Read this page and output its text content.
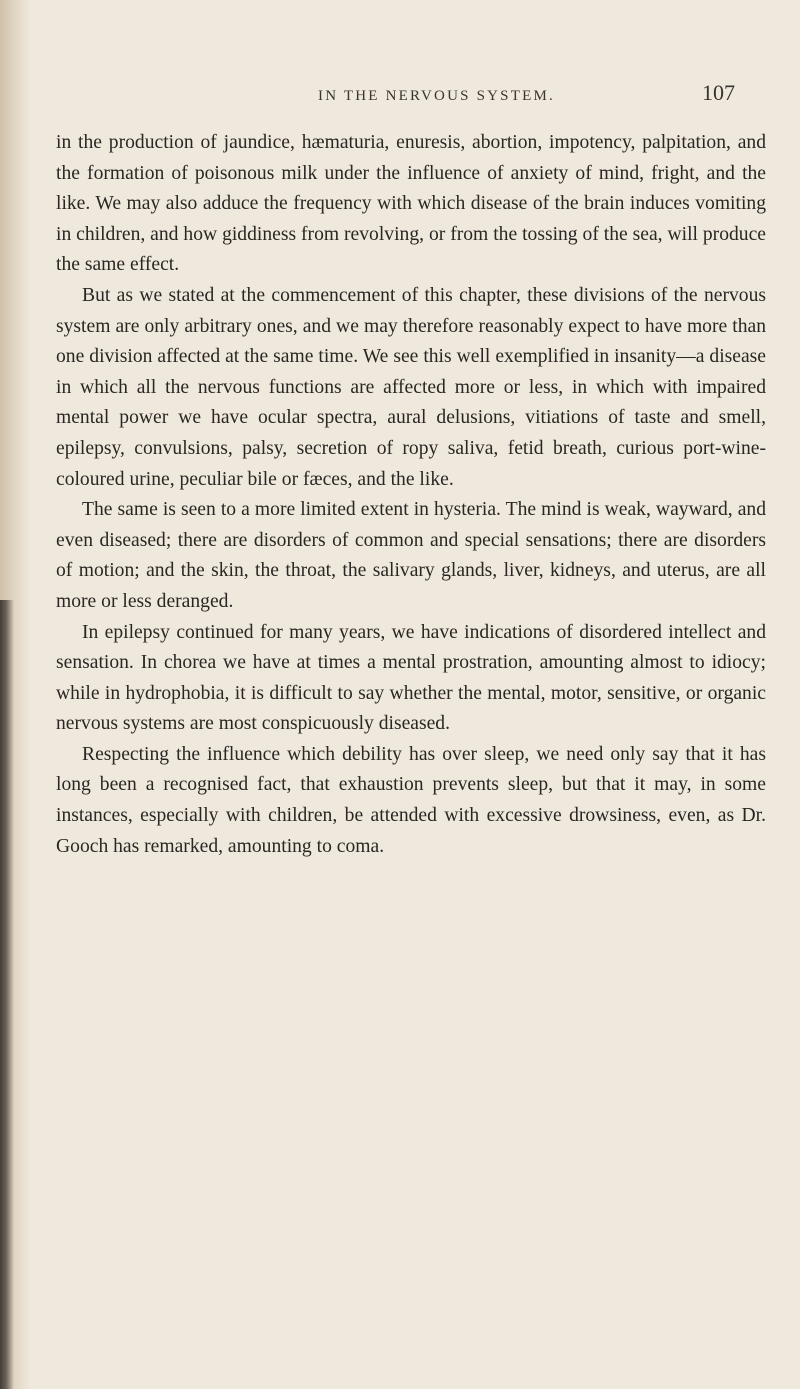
IN THE NERVOUS SYSTEM.	107

in the production of jaundice, hæmaturia, enuresis, abortion, impotency, palpitation, and the formation of poisonous milk under the influence of anxiety of mind, fright, and the like. We may also adduce the frequency with which disease of the brain induces vomiting in children, and how giddiness from revolving, or from the tossing of the sea, will produce the same effect.

But as we stated at the commencement of this chapter, these divisions of the nervous system are only arbitrary ones, and we may therefore reasonably expect to have more than one division affected at the same time. We see this well exemplified in insanity—a disease in which all the nervous functions are affected more or less, in which with impaired mental power we have ocular spectra, aural delusions, vitiations of taste and smell, epilepsy, convulsions, palsy, secretion of ropy saliva, fetid breath, curious port-wine-coloured urine, peculiar bile or fæces, and the like.

The same is seen to a more limited extent in hysteria. The mind is weak, wayward, and even diseased; there are disorders of common and special sensations; there are disorders of motion; and the skin, the throat, the salivary glands, liver, kidneys, and uterus, are all more or less deranged.

In epilepsy continued for many years, we have indications of disordered intellect and sensation. In chorea we have at times a mental prostration, amounting almost to idiocy; while in hydrophobia, it is difficult to say whether the mental, motor, sensitive, or organic nervous systems are most conspicuously diseased.

Respecting the influence which debility has over sleep, we need only say that it has long been a recognised fact, that exhaustion prevents sleep, but that it may, in some instances, especially with children, be attended with excessive drowsiness, even, as Dr. Gooch has remarked, amounting to coma.
